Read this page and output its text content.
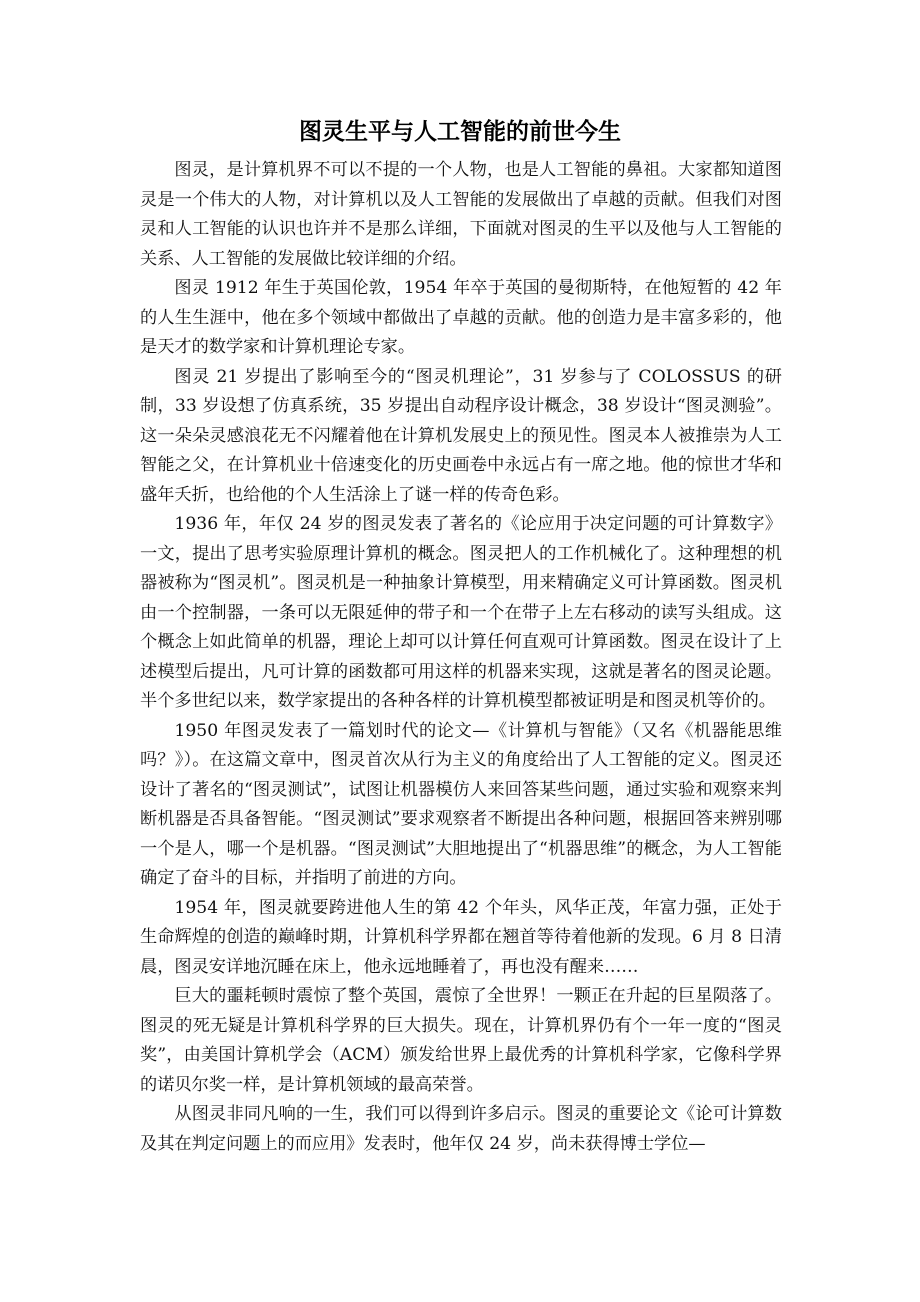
图灵生平与人工智能的前世今生

图灵，是计算机界不可以不提的一个人物，也是人工智能的鼻祖。大家都知道图灵是一个伟大的人物，对计算机以及人工智能的发展做出了卓越的贡献。但我们对图灵和人工智能的认识也许并不是那么详细，下面就对图灵的生平以及他与人工智能的关系、人工智能的发展做比较详细的介绍。

图灵 1912 年生于英国伦敦，1954 年卒于英国的曼彻斯特，在他短暂的 42 年的人生生涯中，他在多个领域中都做出了卓越的贡献。他的创造力是丰富多彩的，他是天才的数学家和计算机理论专家。

图灵 21 岁提出了影响至今的“图灵机理论”，31 岁参与了 COLOSSUS 的研制，33 岁设想了仿真系统，35 岁提出自动程序设计概念，38 岁设计“图灵测验”。这一朵朵灵感浪花无不闪耀着他在计算机发展史上的预见性。图灵本人被推崇为人工智能之父，在计算机业十倍速变化的历史画卷中永远占有一席之地。他的惊世才华和盛年夭折，也给他的个人生活涂上了谜一样的传奇色彩。

1936 年，年仅 24 岁的图灵发表了著名的《论应用于决定问题的可计算数字》一文，提出了思考实验原理计算机的概念。图灵把人的工作机械化了。这种理想的机器被称为“图灵机”。图灵机是一种抽象计算模型，用来精确定义可计算函数。图灵机由一个控制器，一条可以无限延伸的带子和一个在带子上左右移动的读写头组成。这个概念上如此简单的机器，理论上却可以计算任何直观可计算函数。图灵在设计了上述模型后提出，凡可计算的函数都可用这样的机器来实现，这就是著名的图灵论题。半个多世纪以来，数学家提出的各种各样的计算机模型都被证明是和图灵机等价的。

1950 年图灵发表了一篇划时代的论文—《计算机与智能》（又名《机器能思维吗？》）。在这篇文章中，图灵首次从行为主义的角度给出了人工智能的定义。图灵还设计了著名的“图灵测试”，试图让机器模仿人来回答某些问题，通过实验和观察来判断机器是否具备智能。“图灵测试”要求观察者不断提出各种问题，根据回答来辨别哪一个是人，哪一个是机器。“图灵测试”大胆地提出了“机器思维”的概念，为人工智能确定了奋斗的目标，并指明了前进的方向。

1954 年，图灵就要跨进他人生的第 42 个年头，风华正茂，年富力强，正处于生命辉煌的创造的巅峰时期，计算机科学界都在翘首等待着他新的发现。6 月 8 日清晨，图灵安详地沉睡在床上，他永远地睡着了，再也没有醒来……

巨大的噩耗顿时震惊了整个英国，震惊了全世界！一颗正在升起的巨星陨落了。图灵的死无疑是计算机科学界的巨大损失。现在，计算机界仍有个一年一度的“图灵奖”，由美国计算机学会（ACM）颁发给世界上最优秀的计算机科学家，它像科学界的诺贝尔奖一样，是计算机领域的最高荣誉。

从图灵非同凡响的一生，我们可以得到许多启示。图灵的重要论文《论可计算数及其在判定问题上的而应用》发表时，他年仅 24 岁，尚未获得博士学位—
